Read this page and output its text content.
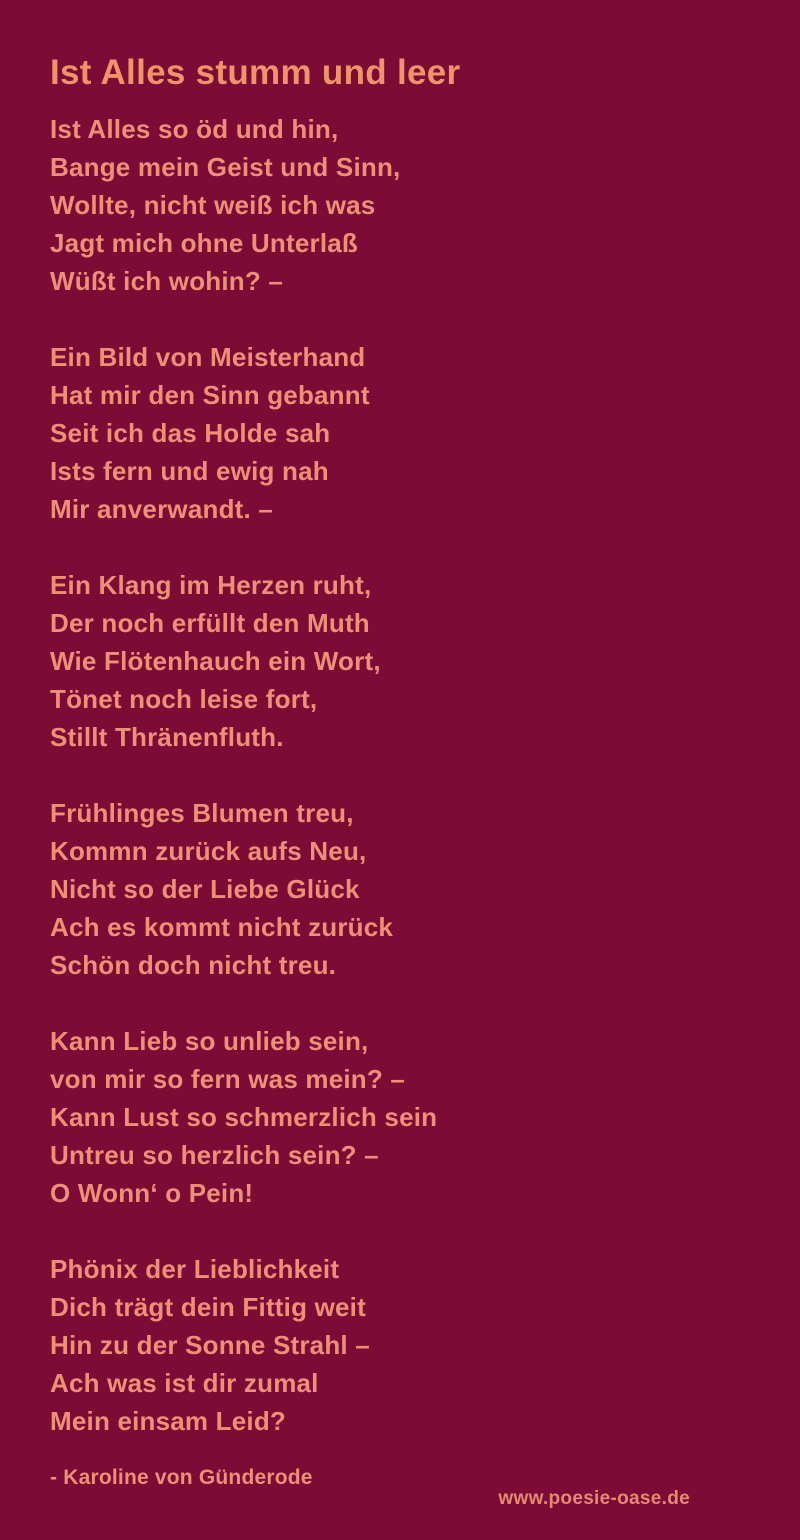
Ist Alles stumm und leer

Ist Alles so öd und hin,

Bange mein Geist und Sinn,

Wollte, nicht weiß ich was

Jagt mich ohne Unterlaß

Wüßt ich wohin? –

Ein Bild von Meisterhand

Hat mir den Sinn gebannt

Seit ich das Holde sah

Ists fern und ewig nah

Mir anverwandt. –

Ein Klang im Herzen ruht,

Der noch erfüllt den Muth

Wie Flötenhauch ein Wort,

Tönet noch leise fort,

Stillt Thränenfluth.

Frühlinges Blumen treu,

Kommn zurück aufs Neu,

Nicht so der Liebe Glück

Ach es kommt nicht zurück

Schön doch nicht treu.

Kann Lieb so unlieb sein,

von mir so fern was mein? –

Kann Lust so schmerzlich sein

Untreu so herzlich sein? –

O Wonn‘ o Pein!

Phönix der Lieblichkeit

Dich trägt dein Fittig weit

Hin zu der Sonne Strahl –

Ach was ist dir zumal

Mein einsam Leid?

- Karoline von Günderode

www.poesie-oase.de
